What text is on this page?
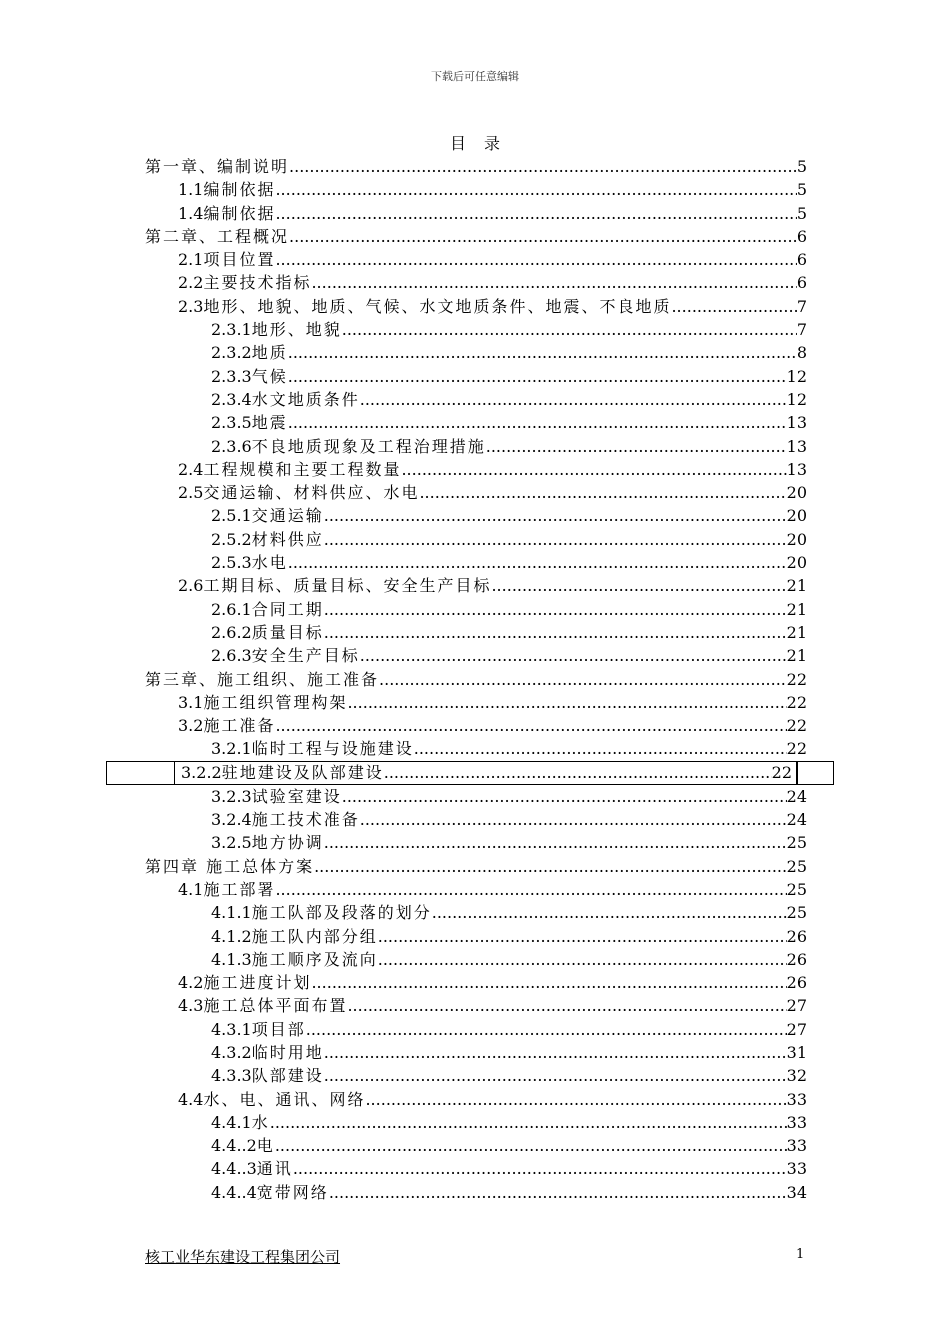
下载后可任意编辑
目录
第一章、编制说明 .....	5
1.1 编制依据 .....	5
1.4 编制依据 .....	5
第二章、工程概况 .....	6
2.1 项目位置 .....	6
2.2 主要技术指标 .....	6
2.3 地形、地貌、地质、气候、水文地质条件、地震、不良地质 .....	7
2.3.1 地形、地貌 .....	7
2.3.2 地质 .....	8
2.3.3 气候 .....	12
2.3.4 水文地质条件 .....	12
2.3.5 地震 .....	13
2.3.6 不良地质现象及工程治理措施 .....	13
2.4 工程规模和主要工程数量 .....	13
2.5 交通运输、材料供应、水电 .....	20
2.5.1 交通运输 .....	20
2.5.2 材料供应 .....	20
2.5.3 水电 .....	20
2.6 工期目标、质量目标、安全生产目标 .....	21
2.6.1 合同工期 .....	21
2.6.2 质量目标 .....	21
2.6.3 安全生产目标 .....	21
第三章、施工组织、施工准备 .....	22
3.1 施工组织管理构架 .....	22
3.2 施工准备 .....	22
3.2.1 临时工程与设施建设 .....	22
3.2.2 驻地建设及队部建设 .....	22
3.2.3 试验室建设 .....	24
3.2.4 施工技术准备 .....	24
3.2.5 地方协调 .....	25
第四章 施工总体方案 .....	25
4.1 施工部署 .....	25
4.1.1 施工队部及段落的划分 .....	25
4.1.2 施工队内部分组 .....	26
4.1.3 施工顺序及流向 .....	26
4.2 施工进度计划 .....	26
4.3 施工总体平面布置 .....	27
4.3.1 项目部 .....	27
4.3.2 临时用地 .....	31
4.3.3 队部建设 .....	32
4.4 水、电、通讯、网络 .....	33
4.4.1 水 .....	33
4.4..2 电 .....	33
4.4..3 通讯 .....	33
4.4..4 宽带网络 .....	34
核工业华东建设工程集团公司	1
